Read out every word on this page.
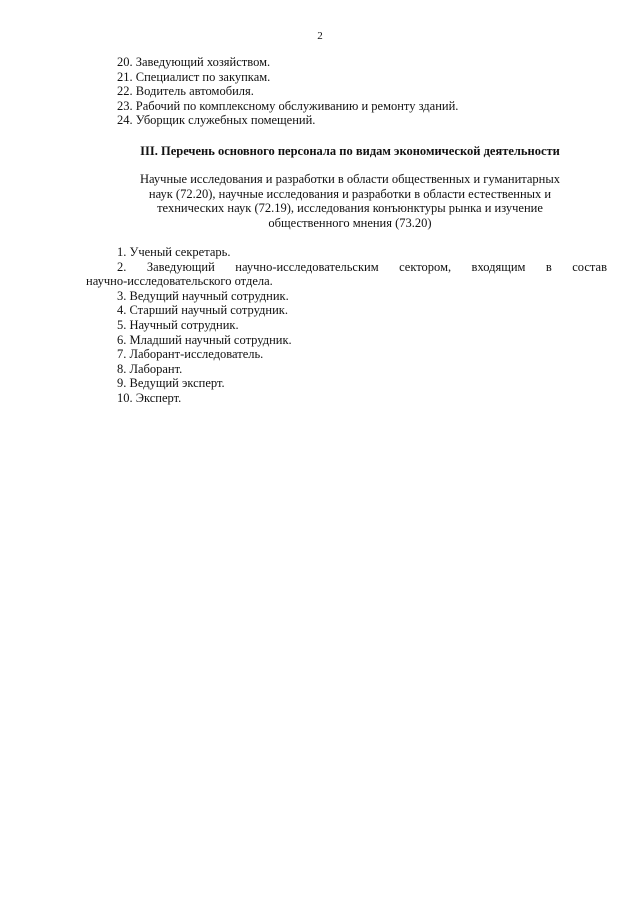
2
20. Заведующий хозяйством.
21. Специалист по закупкам.
22. Водитель автомобиля.
23. Рабочий по комплексному обслуживанию и ремонту зданий.
24. Уборщик служебных помещений.
III. Перечень основного персонала по видам экономической деятельности
Научные исследования и разработки в области общественных и гуманитарных
наук (72.20), научные исследования и разработки в области естественных и
технических наук (72.19), исследования конъюнктуры рынка и изучение
общественного мнения (73.20)
1. Ученый секретарь.
2. Заведующий научно-исследовательским сектором, входящим в состав
научно-исследовательского отдела.
3. Ведущий научный сотрудник.
4. Старший научный сотрудник.
5. Научный сотрудник.
6. Младший научный сотрудник.
7. Лаборант-исследователь.
8. Лаборант.
9. Ведущий эксперт.
10. Эксперт.
